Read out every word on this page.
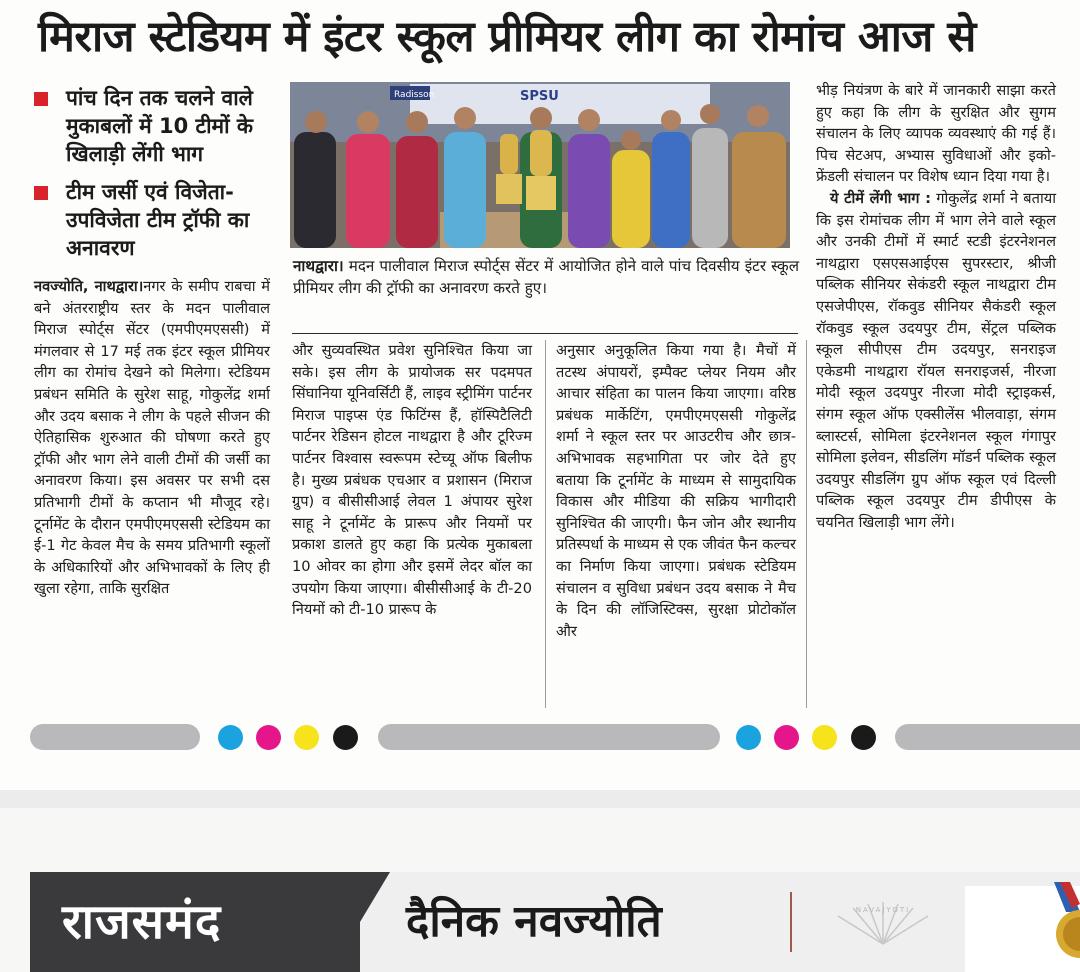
मिराज स्टेडियम में इंटर स्कूल प्रीमियर लीग का रोमांच आज से
पांच दिन तक चलने वाले मुकाबलों में 10 टीमों के खिलाड़ी लेंगी भाग
टीम जर्सी एवं विजेता-उपविजेता टीम ट्रॉफी का अनावरण
Radisson	SPSU
नाथद्वारा। मदन पालीवाल मिराज स्पोर्ट्स सेंटर में आयोजित होने वाले पांच दिवसीय इंटर स्कूल प्रीमियर लीग की ट्रॉफी का अनावरण करते हुए।
नवज्योति, नाथद्वारा।नगर के समीप राबचा में बने अंतरराष्ट्रीय स्तर के मदन पालीवाल मिराज स्पोर्ट्स सेंटर (एमपीएमएससी) में मंगलवार से 17 मई तक इंटर स्कूल प्रीमियर लीग का रोमांच देखने को मिलेगा। स्टेडियम प्रबंधन समिति के सुरेश साहू, गोकुलेंद्र शर्मा और उदय बसाक ने लीग के पहले सीजन की ऐतिहासिक शुरुआत की घोषणा करते हुए ट्रॉफी और भाग लेने वाली टीमों की जर्सी का अनावरण किया। इस अवसर पर सभी दस प्रतिभागी टीमों के कप्तान भी मौजूद रहे। टूर्नामेंट के दौरान एमपीएमएससी स्टेडियम का ई-1 गेट केवल मैच के समय प्रतिभागी स्कूलों के अधिकारियों और अभिभावकों के लिए ही खुला रहेगा, ताकि सुरक्षित
और सुव्यवस्थित प्रवेश सुनिश्चित किया जा सके। इस लीग के प्रायोजक सर पदमपत सिंघानिया यूनिवर्सिटी हैं, लाइव स्ट्रीमिंग पार्टनर मिराज पाइप्स एंड फिटिंग्स हैं, हॉस्पिटैलिटी पार्टनर रेडिसन होटल नाथद्वारा है और टूरिज्म पार्टनर विश्वास स्वरूपम स्टेच्यू ऑफ बिलीफ है। मुख्य प्रबंधक एचआर व प्रशासन (मिराज ग्रुप) व बीसीसीआई लेवल 1 अंपायर सुरेश साहू ने टूर्नामेंट के प्रारूप और नियमों पर प्रकाश डालते हुए कहा कि प्रत्येक मुकाबला 10 ओवर का होगा और इसमें लेदर बॉल का उपयोग किया जाएगा। बीसीसीआई के टी-20 नियमों को टी-10 प्रारूप के
अनुसार अनुकूलित किया गया है। मैचों में तटस्थ अंपायरों, इम्पैक्ट प्लेयर नियम और आचार संहिता का पालन किया जाएगा। वरिष्ठ प्रबंधक मार्केटिंग, एमपीएमएससी गोकुलेंद्र शर्मा ने स्कूल स्तर पर आउटरीच और छात्र-अभिभावक सहभागिता पर जोर देते हुए बताया कि टूर्नामेंट के माध्यम से सामुदायिक विकास और मीडिया की सक्रिय भागीदारी सुनिश्चित की जाएगी। फैन जोन और स्थानीय प्रतिस्पर्धा के माध्यम से एक जीवंत फैन कल्चर का निर्माण किया जाएगा। प्रबंधक स्टेडियम संचालन व सुविधा प्रबंधन उदय बसाक ने मैच के दिन की लॉजिस्टिक्स, सुरक्षा प्रोटोकॉल और
भीड़ नियंत्रण के बारे में जानकारी साझा करते हुए कहा कि लीग के सुरक्षित और सुगम संचालन के लिए व्यापक व्यवस्थाएं की गई हैं। पिच सेटअप, अभ्यास सुविधाओं और इको-फ्रेंडली संचालन पर विशेष ध्यान दिया गया है।
ये टीमें लेंगी भाग : गोकुलेंद्र शर्मा ने बताया कि इस रोमांचक लीग में भाग लेने वाले स्कूल और उनकी टीमों में स्मार्ट स्टडी इंटरनेशनल नाथद्वारा एसएसआईएस सुपरस्टार, श्रीजी पब्लिक सीनियर सेकंडरी स्कूल नाथद्वारा टीम एसजेपीएस, रॉकवुड सीनियर सैकंडरी स्कूल रॉकवुड स्कूल उदयपुर टीम, सेंट्रल पब्लिक स्कूल सीपीएस टीम उदयपुर, सनराइज एकेडमी नाथद्वारा रॉयल सनराइजर्स, नीरजा मोदी स्कूल उदयपुर नीरजा मोदी स्ट्राइकर्स, संगम स्कूल ऑफ एक्सीलेंस भीलवाड़ा, संगम ब्लास्टर्स, सोमिला इंटरनेशनल स्कूल गंगापुर सोमिला इलेवन, सीडलिंग मॉडर्न पब्लिक स्कूल उदयपुर सीडलिंग ग्रुप ऑफ स्कूल एवं दिल्ली पब्लिक स्कूल उदयपुर टीम डीपीएस के चयनित खिलाड़ी भाग लेंगे।
राजसमंद	दैनिक नवज्योति	NAVAJYOTI
